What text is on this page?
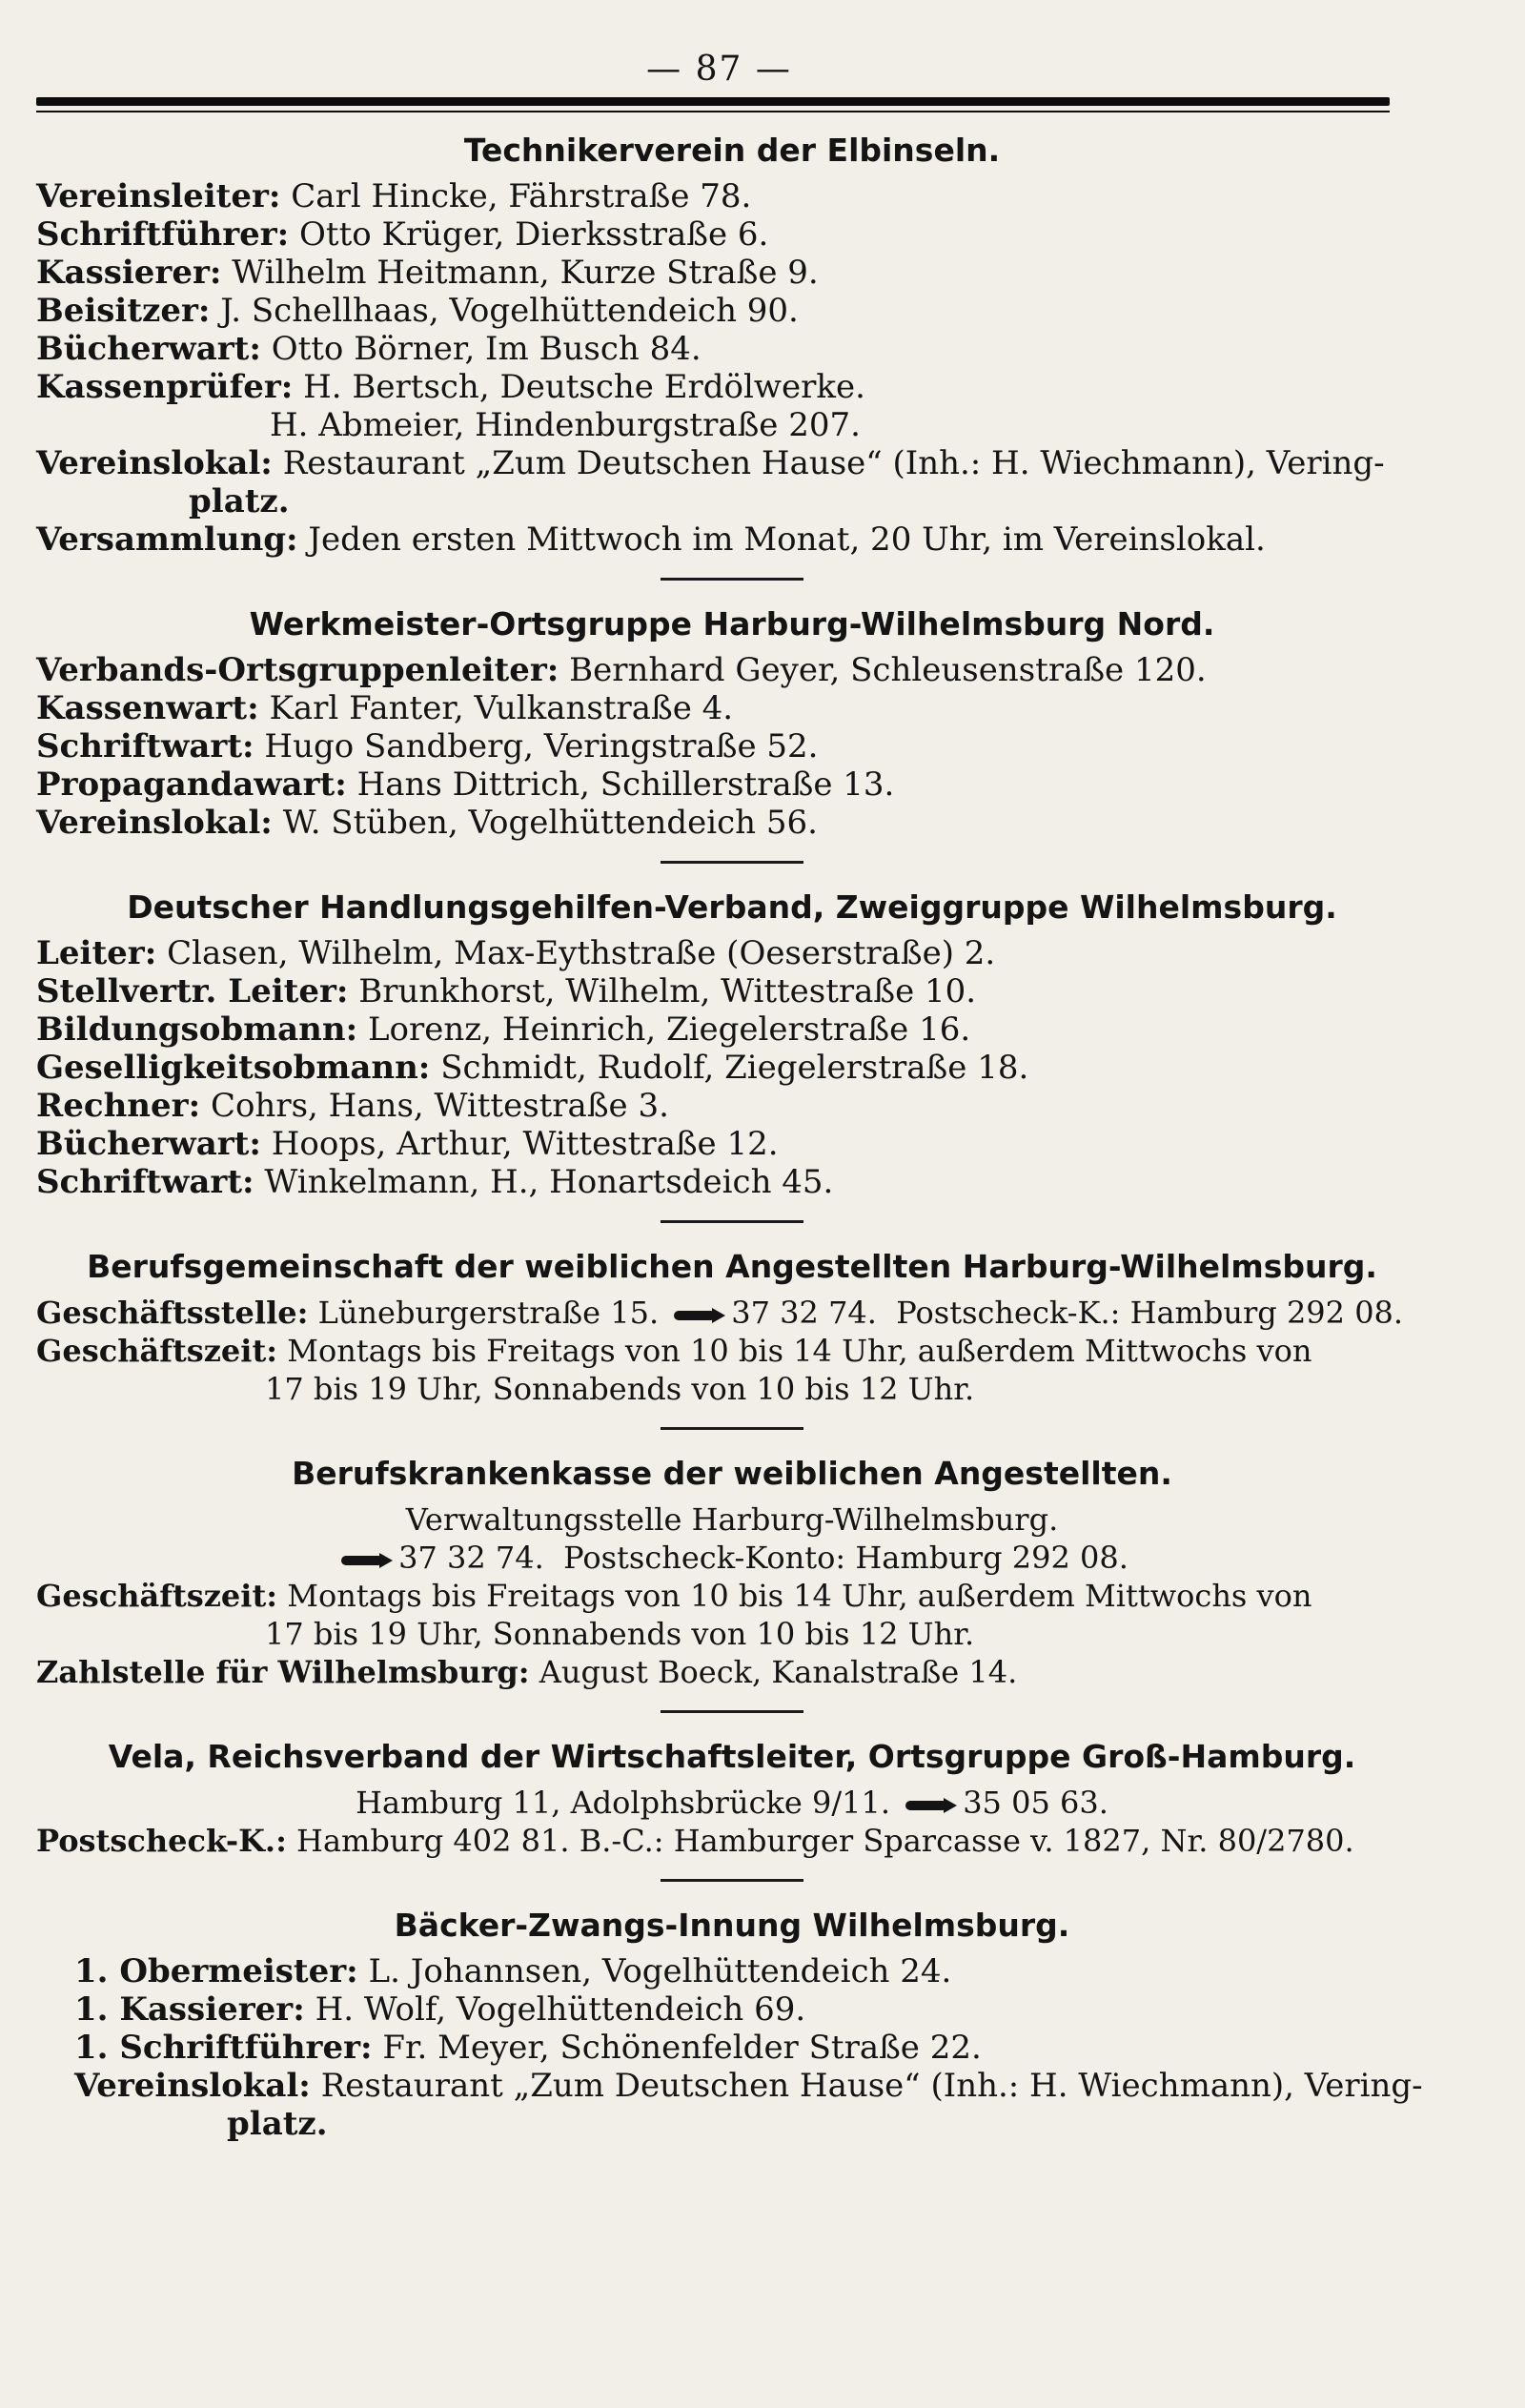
— 87 —
Technikerverein der Elbinseln.
Vereinsleiter: Carl Hincke, Fährstraße 78.
Schriftführer: Otto Krüger, Dierksstraße 6.
Kassierer: Wilhelm Heitmann, Kurze Straße 9.
Beisitzer: J. Schellhaas, Vogelhüttendeich 90.
Bücherwart: Otto Börner, Im Busch 84.
Kassenprüfer: H. Bertsch, Deutsche Erdölwerke.
H. Abmeier, Hindenburgstraße 207.
Vereinslokal: Restaurant „Zum Deutschen Hause“ (Inh.: H. Wiechmann), Vering-
platz.
Versammlung: Jeden ersten Mittwoch im Monat, 20 Uhr, im Vereinslokal.
Werkmeister-Ortsgruppe Harburg-Wilhelmsburg Nord.
Verbands-Ortsgruppenleiter: Bernhard Geyer, Schleusenstraße 120.
Kassenwart: Karl Fanter, Vulkanstraße 4.
Schriftwart: Hugo Sandberg, Veringstraße 52.
Propagandawart: Hans Dittrich, Schillerstraße 13.
Vereinslokal: W. Stüben, Vogelhüttendeich 56.
Deutscher Handlungsgehilfen-Verband, Zweiggruppe Wilhelmsburg.
Leiter: Clasen, Wilhelm, Max-Eythstraße (Oeserstraße) 2.
Stellvertr. Leiter: Brunkhorst, Wilhelm, Wittestraße 10.
Bildungsobmann: Lorenz, Heinrich, Ziegelerstraße 16.
Geselligkeitsobmann: Schmidt, Rudolf, Ziegelerstraße 18.
Rechner: Cohrs, Hans, Wittestraße 3.
Bücherwart: Hoops, Arthur, Wittestraße 12.
Schriftwart: Winkelmann, H., Honartsdeich 45.
Berufsgemeinschaft der weiblichen Angestellten Harburg-Wilhelmsburg.
Geschäftsstelle: Lüneburgerstraße 15. 37 32 74. Postscheck-K.: Hamburg 292 08.
Geschäftszeit: Montags bis Freitags von 10 bis 14 Uhr, außerdem Mittwochs von
17 bis 19 Uhr, Sonnabends von 10 bis 12 Uhr.
Berufskrankenkasse der weiblichen Angestellten.
Verwaltungsstelle Harburg-Wilhelmsburg.
37 32 74. Postscheck-Konto: Hamburg 292 08.
Geschäftszeit: Montags bis Freitags von 10 bis 14 Uhr, außerdem Mittwochs von
17 bis 19 Uhr, Sonnabends von 10 bis 12 Uhr.
Zahlstelle für Wilhelmsburg: August Boeck, Kanalstraße 14.
Vela, Reichsverband der Wirtschaftsleiter, Ortsgruppe Groß-Hamburg.
Hamburg 11, Adolphsbrücke 9/11. 35 05 63.
Postscheck-K.: Hamburg 402 81. B.-C.: Hamburger Sparcasse v. 1827, Nr. 80/2780.
Bäcker-Zwangs-Innung Wilhelmsburg.
1. Obermeister: L. Johannsen, Vogelhüttendeich 24.
1. Kassierer: H. Wolf, Vogelhüttendeich 69.
1. Schriftführer: Fr. Meyer, Schönenfelder Straße 22.
Vereinslokal: Restaurant „Zum Deutschen Hause“ (Inh.: H. Wiechmann), Vering-
platz.
